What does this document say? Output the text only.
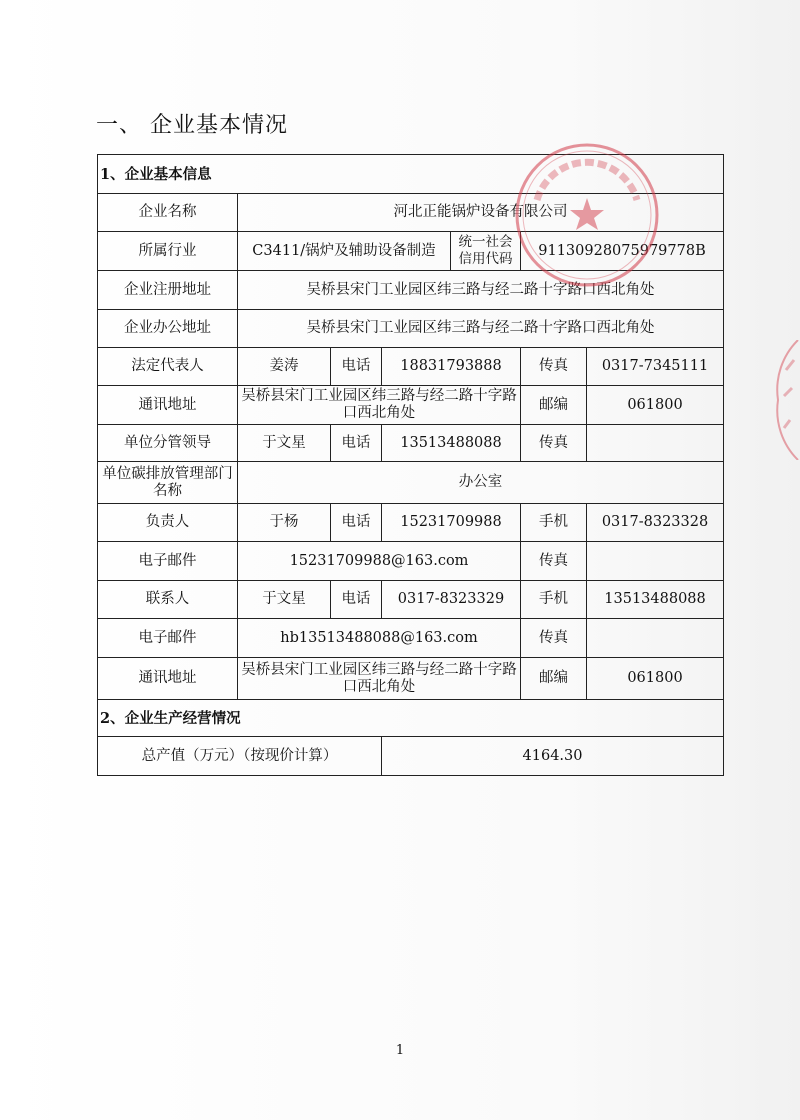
一、 企业基本情况
1、企业基本信息						
企业名称	河北正能锅炉设备有限公司					
所属行业	C3411/锅炉及辅助设备制造			统一社会信用代码	91130928075979778B	
企业注册地址	吴桥县宋门工业园区纬三路与经二路十字路口西北角处					
企业办公地址	吴桥县宋门工业园区纬三路与经二路十字路口西北角处					
法定代表人	姜涛	电话	18831793888		传真	0317-7345111
通讯地址	吴桥县宋门工业园区纬三路与经二路十字路口西北角处				邮编	061800
单位分管领导	于文星	电话	13513488088		传真	
单位碳排放管理部门名称	办公室					
负责人	于杨	电话	15231709988		手机	0317-8323328
电子邮件	15231709988@163.com				传真	
联系人	于文星	电话	0317-8323329		手机	13513488088
电子邮件	hb13513488088@163.com				传真	
通讯地址	吴桥县宋门工业园区纬三路与经二路十字路口西北角处				邮编	061800
2、企业生产经营情况						
总产值（万元）（按现价计算）			4164.30			
1
